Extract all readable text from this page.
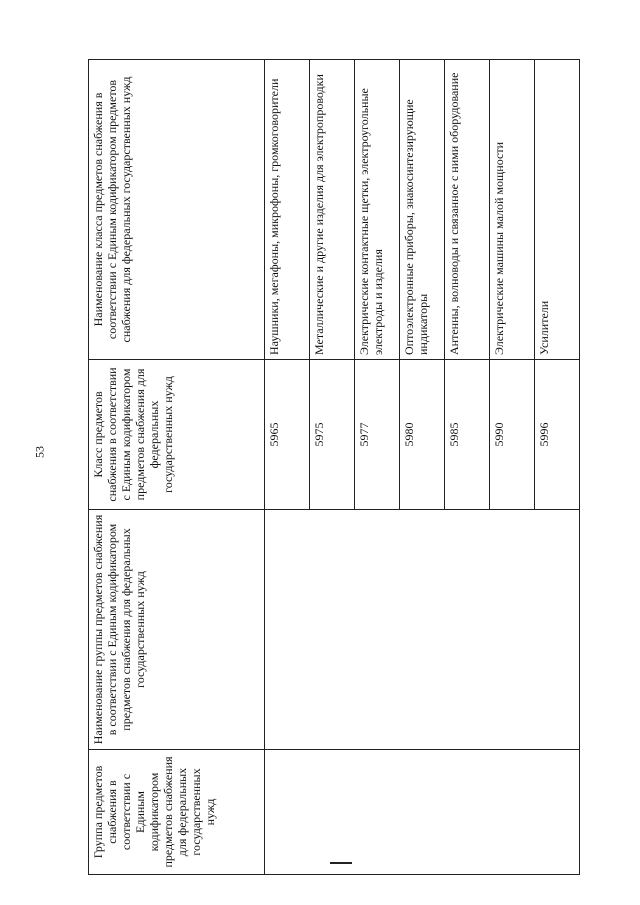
53
Группа предметов снабжения в соответствии с Единым кодификатором предметов снабжения для федеральных государственных нужд	Наименование группы предметов снабжения в соответствии с Единым кодификатором предметов снабжения для федеральных государственных нужд	Класс предметов снабжения в соответствии с Единым кодификатором предметов снабжения для федеральных государственных нужд	Наименование класса предметов снабжения в соответствии с Единым кодификатором предметов снабжения для федеральных государственных нужд
		5965	Наушники, мегафоны, микрофоны, громкоговорители
		5975	Металлические и другие изделия для электропроводки
		5977	Электрические контактные щетки, электроугольные электроды и изделия
		5980	Оптоэлектронные приборы, знакосинтезирующие индикаторы
		5985	Антенны, волноводы и связанное с ними оборудование
		5990	Электрические машины малой мощности
		5996	Усилители
